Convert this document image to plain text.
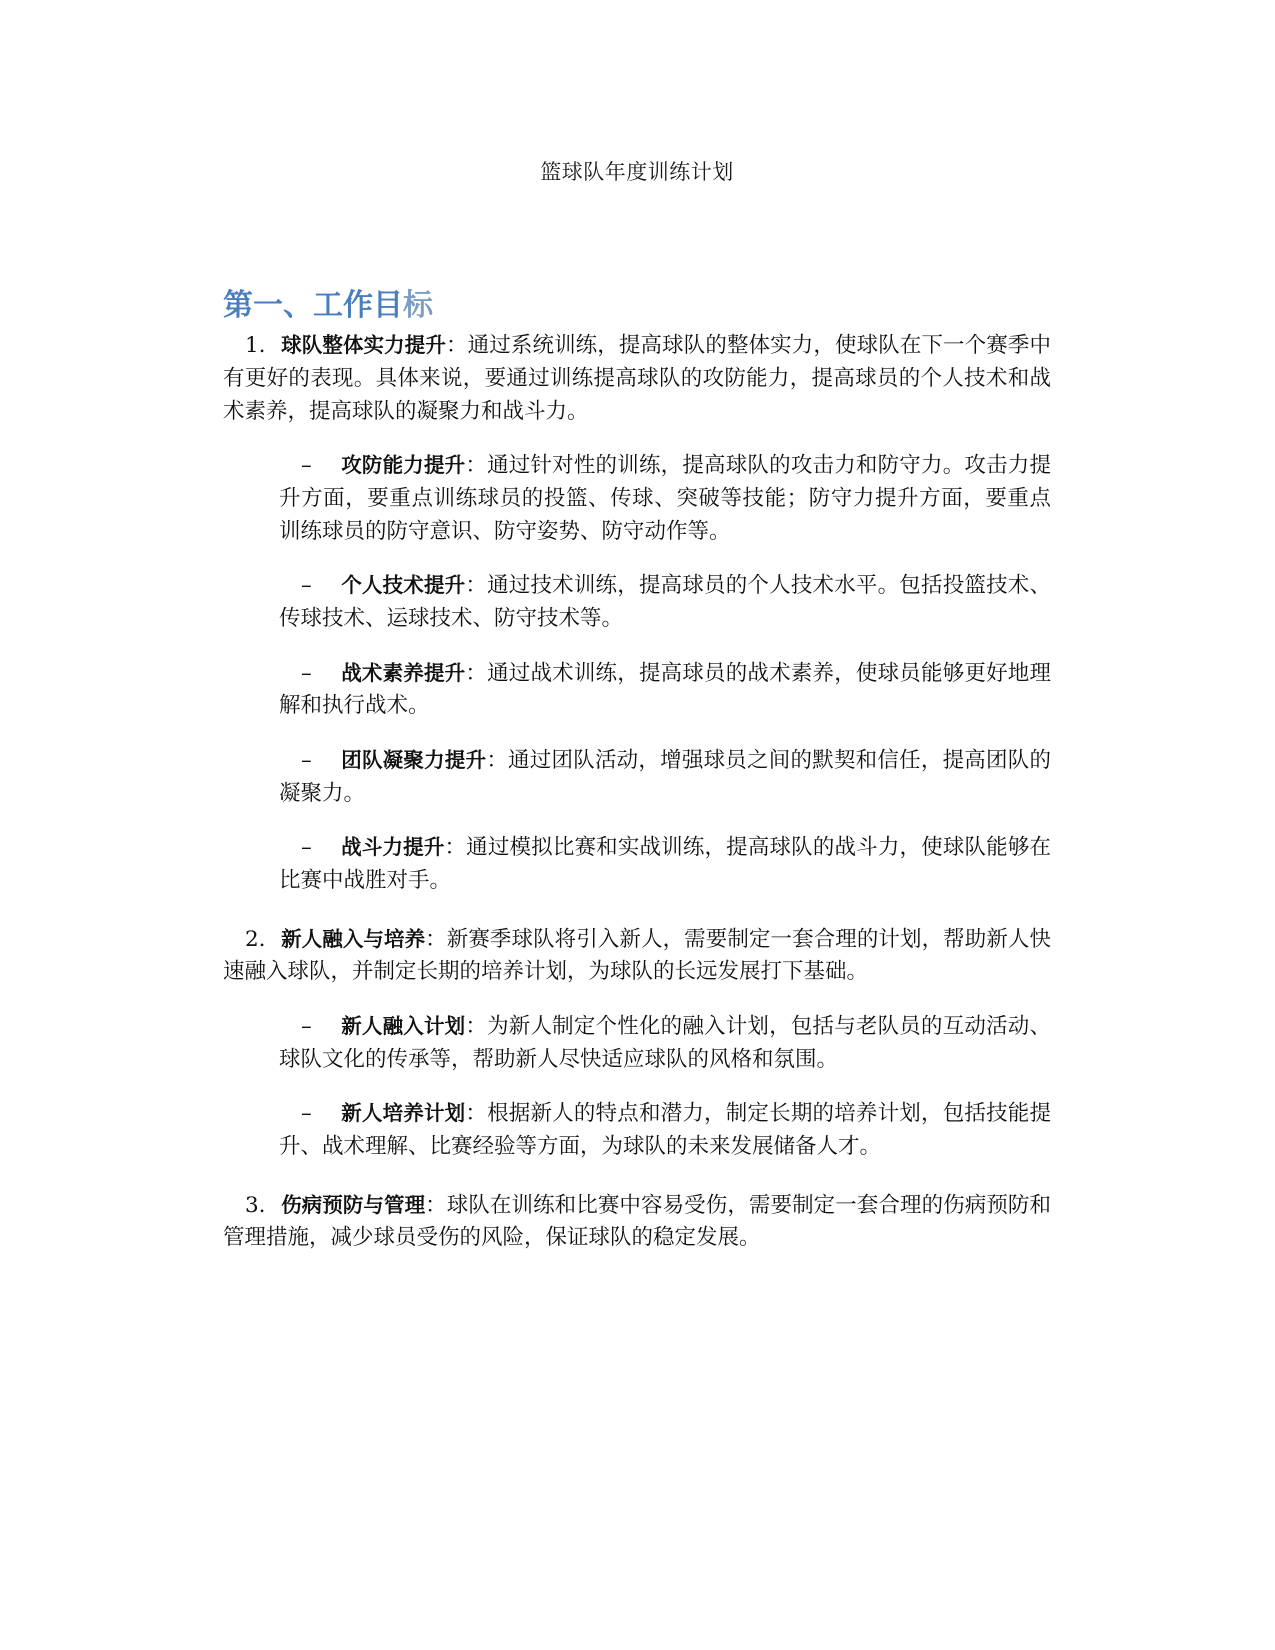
篮球队年度训练计划
第一、工作目标
1. 球队整体实力提升：通过系统训练，提高球队的整体实力，使球队在下一个赛季中有更好的表现。具体来说，要通过训练提高球队的攻防能力，提高球员的个人技术和战术素养，提高球队的凝聚力和战斗力。
– 攻防能力提升：通过针对性的训练，提高球队的攻击力和防守力。攻击力提升方面，要重点训练球员的投篮、传球、突破等技能；防守力提升方面，要重点训练球员的防守意识、防守姿势、防守动作等。
– 个人技术提升：通过技术训练，提高球员的个人技术水平。包括投篮技术、传球技术、运球技术、防守技术等。
– 战术素养提升：通过战术训练，提高球员的战术素养，使球员能够更好地理解和执行战术。
– 团队凝聚力提升：通过团队活动，增强球员之间的默契和信任，提高团队的凝聚力。
– 战斗力提升：通过模拟比赛和实战训练，提高球队的战斗力，使球队能够在比赛中战胜对手。
2. 新人融入与培养：新赛季球队将引入新人，需要制定一套合理的计划，帮助新人快速融入球队，并制定长期的培养计划，为球队的长远发展打下基础。
– 新人融入计划：为新人制定个性化的融入计划，包括与老队员的互动活动、球队文化的传承等，帮助新人尽快适应球队的风格和氛围。
– 新人培养计划：根据新人的特点和潜力，制定长期的培养计划，包括技能提升、战术理解、比赛经验等方面，为球队的未来发展储备人才。
3. 伤病预防与管理：球队在训练和比赛中容易受伤，需要制定一套合理的伤病预防和管理措施，减少球员受伤的风险，保证球队的稳定发展。
